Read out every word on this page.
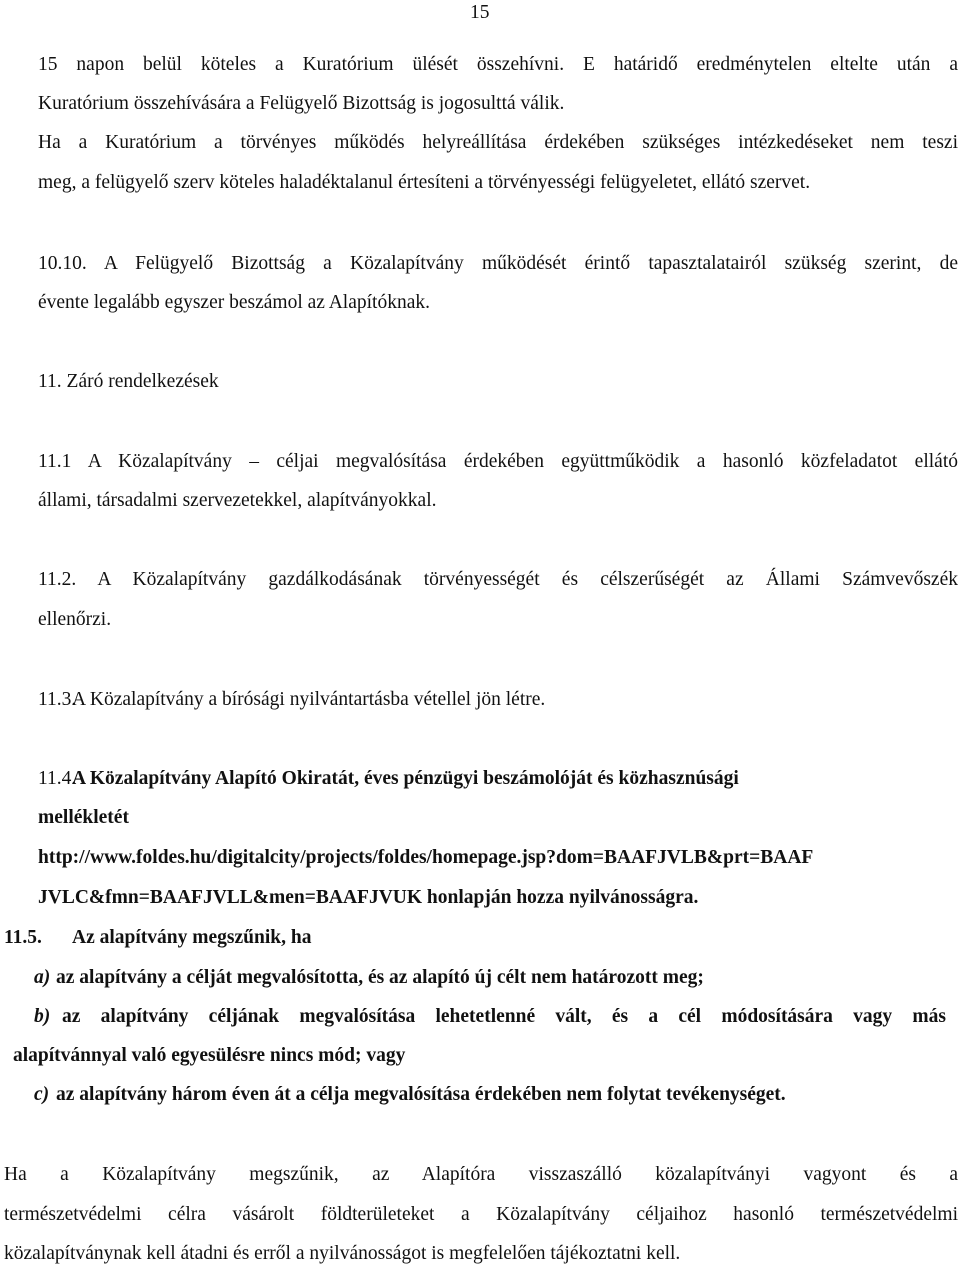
15
15 napon belül köteles a Kuratórium ülését összehívni. E határidő eredménytelen eltelte után a
Kuratórium összehívására a Felügyelő Bizottság is jogosulttá válik.
Ha a Kuratórium a törvényes működés helyreállítása érdekében szükséges intézkedéseket nem teszi
meg, a felügyelő szerv köteles haladéktalanul értesíteni a törvényességi felügyeletet, ellátó szervet.
10.10. A Felügyelő Bizottság a Közalapítvány működését érintő tapasztalatairól szükség szerint, de
évente legalább egyszer beszámol az Alapítóknak.
11. Záró rendelkezések
11.1 A Közalapítvány – céljai megvalósítása érdekében együttműködik a hasonló közfeladatot ellátó
állami, társadalmi szervezetekkel, alapítványokkal.
11.2. A Közalapítvány gazdálkodásának törvényességét és célszerűségét az Állami Számvevőszék
ellenőrzi.
11.3.
A Közalapítvány a bírósági nyilvántartásba vétellel jön létre.
11.4.
A Közalapítvány Alapító Okiratát, éves pénzügyi beszámolóját és közhasznúsági
mellékletét
http://www.foldes.hu/digitalcity/projects/foldes/homepage.jsp?dom=BAAFJVLB&prt=BAAF
JVLC&fmn=BAAFJVLL&men=BAAFJVUK honlapján hozza nyilvánosságra.
11.5. Az alapítvány megszűnik, ha
a) az alapítvány a célját megvalósította, és az alapító új célt nem határozott meg;
b) az alapítvány céljának megvalósítása lehetetlenné vált, és a cél módosítására vagy más
alapítvánnyal való egyesülésre nincs mód; vagy
c) az alapítvány három éven át a célja megvalósítása érdekében nem folytat tevékenységet.
Ha a Közalapítvány megszűnik, az Alapítóra visszaszálló közalapítványi vagyont és a
természetvédelmi célra vásárolt földterületeket a Közalapítvány céljaihoz hasonló természetvédelmi
közalapítványnak kell átadni és erről a nyilvánosságot is megfelelően tájékoztatni kell.
